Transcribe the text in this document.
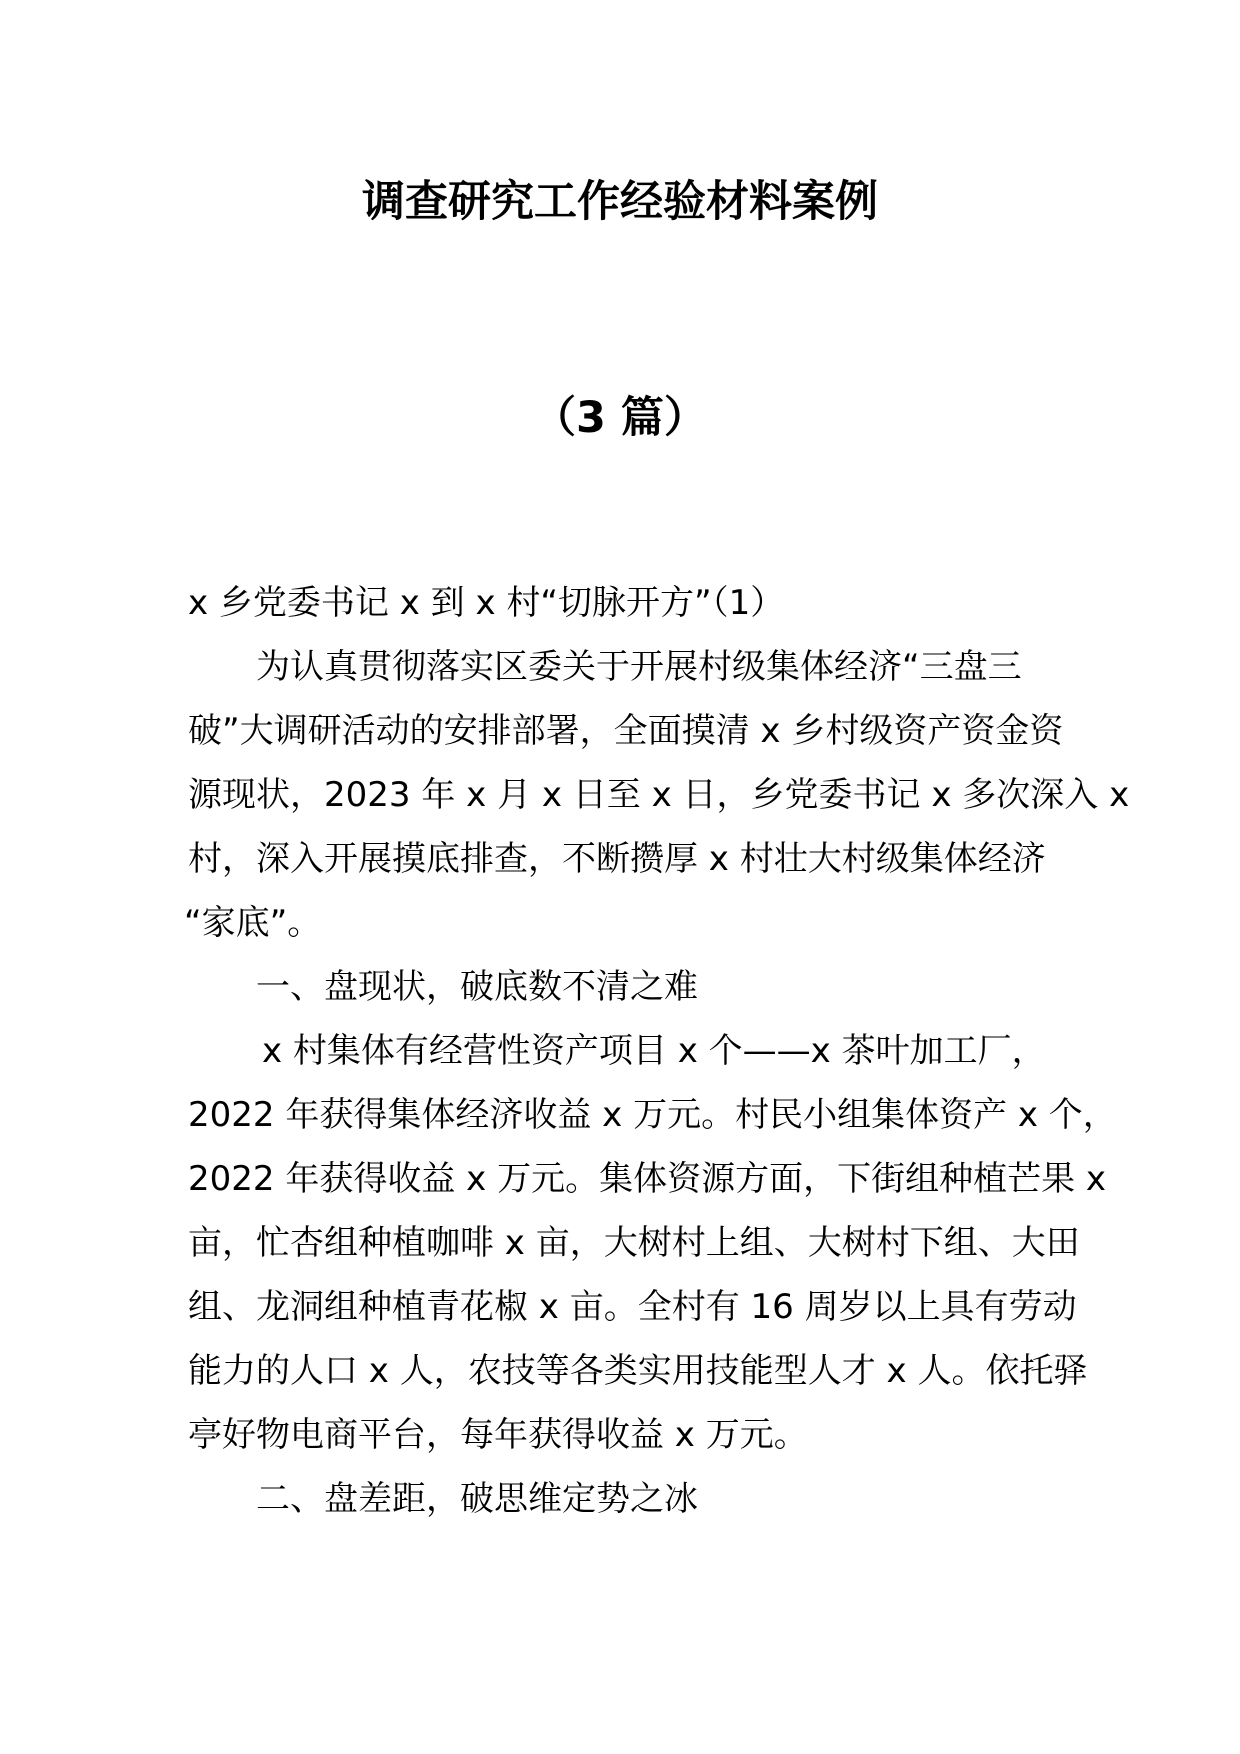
调查研究工作经验材料案例
（3 篇）
x 乡党委书记 x 到 x 村“切脉开方”（1）
为认真贯彻落实区委关于开展村级集体经济“三盘三
破”大调研活动的安排部署，全面摸清 x 乡村级资产资金资
源现状，2023 年 x 月 x 日至 x 日，乡党委书记 x 多次深入 x
村，深入开展摸底排查，不断攒厚 x 村壮大村级集体经济
“家底”。
一、盘现状，破底数不清之难
x 村集体有经营性资产项目 x 个——x 茶叶加工厂，
2022 年获得集体经济收益 x 万元。村民小组集体资产 x 个，
2022 年获得收益 x 万元。集体资源方面，下街组种植芒果 x
亩，忙杏组种植咖啡 x 亩，大树村上组、大树村下组、大田
组、龙洞组种植青花椒 x 亩。全村有 16 周岁以上具有劳动
能力的人口 x 人，农技等各类实用技能型人才 x 人。依托驿
亭好物电商平台，每年获得收益 x 万元。
二、盘差距，破思维定势之冰
